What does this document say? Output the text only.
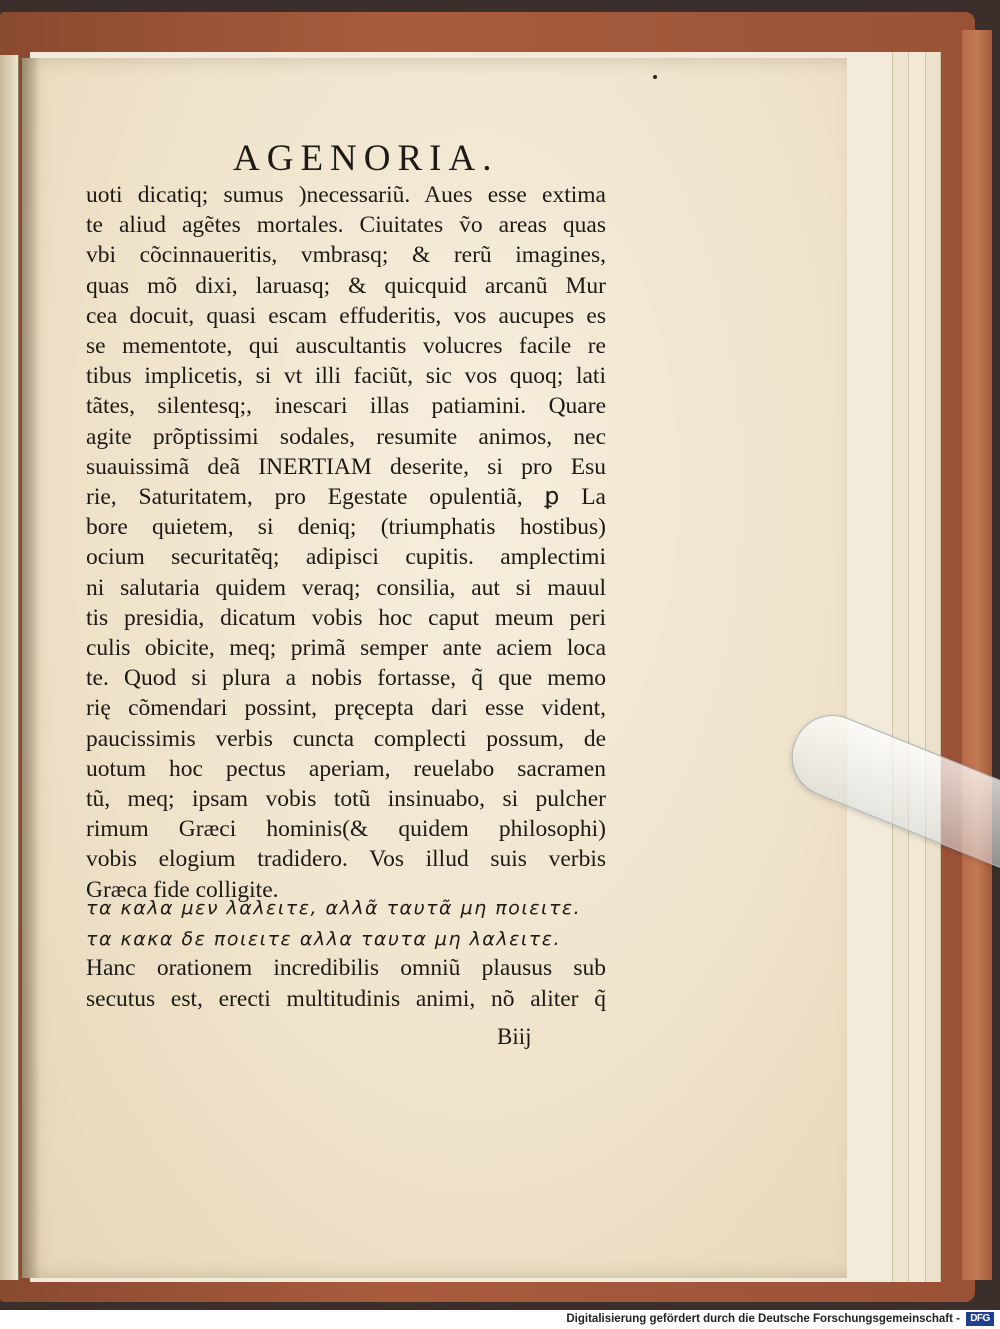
AGENORIA.
uoti dicatiq; sumus )necessariũ. Aues esse extima
te aliud agẽtes mortales. Ciuitates ṽo areas quas
vbi cõcinnaueritis, vmbrasq; & rerũ imagines,
quas mõ dixi, laruasq; & quicquid arcanũ Mur
cea docuit, quasi escam effuderitis, vos aucupes es
se mementote, qui auscultantis volucres facile re
tibus implicetis, si vt illi faciũt, sic vos quoq; lati
tãtes, silentesq;, inescari illas patiamini. Quare
agite prõptissimi sodales, resumite animos, nec
suauissimã deã INERTIAM deserite, si pro Esu
rie, Saturitatem, pro Egestate opulentiã, ꝑ La
bore quietem, si deniq; (triumphatis hostibus)
ocium securitatẽq; adipisci cupitis. amplectimi
ni salutaria quidem veraq; consilia, aut si mauul
tis presidia, dicatum vobis hoc caput meum peri
culis obicite, meq; primã semper ante aciem loca
te. Quod si plura a nobis fortasse, q̃ que memo
rię cõmendari possint, pręcepta dari esse vident,
paucissimis verbis cuncta complecti possum, de
uotum hoc pectus aperiam, reuelabo sacramen
tũ, meq; ipsam vobis totũ insinuabo, si pulcher
rimum Græci hominis(& quidem philosophi)
vobis elogium tradidero. Vos illud suis verbis
Græca fide colligite.
τα καλα μεν λαλειτε, αλλα̃ ταυτα̃ μη ποιειτε.
τα κακα δε ποιειτε αλλα ταυτα μη λαλειτε.
Hanc orationem incredibilis omniũ plausus sub
secutus est, erecti multitudinis animi, nõ aliter q̃
Biij
Digitalisierung gefördert durch die Deutsche Forschungsgemeinschaft -	DFG
